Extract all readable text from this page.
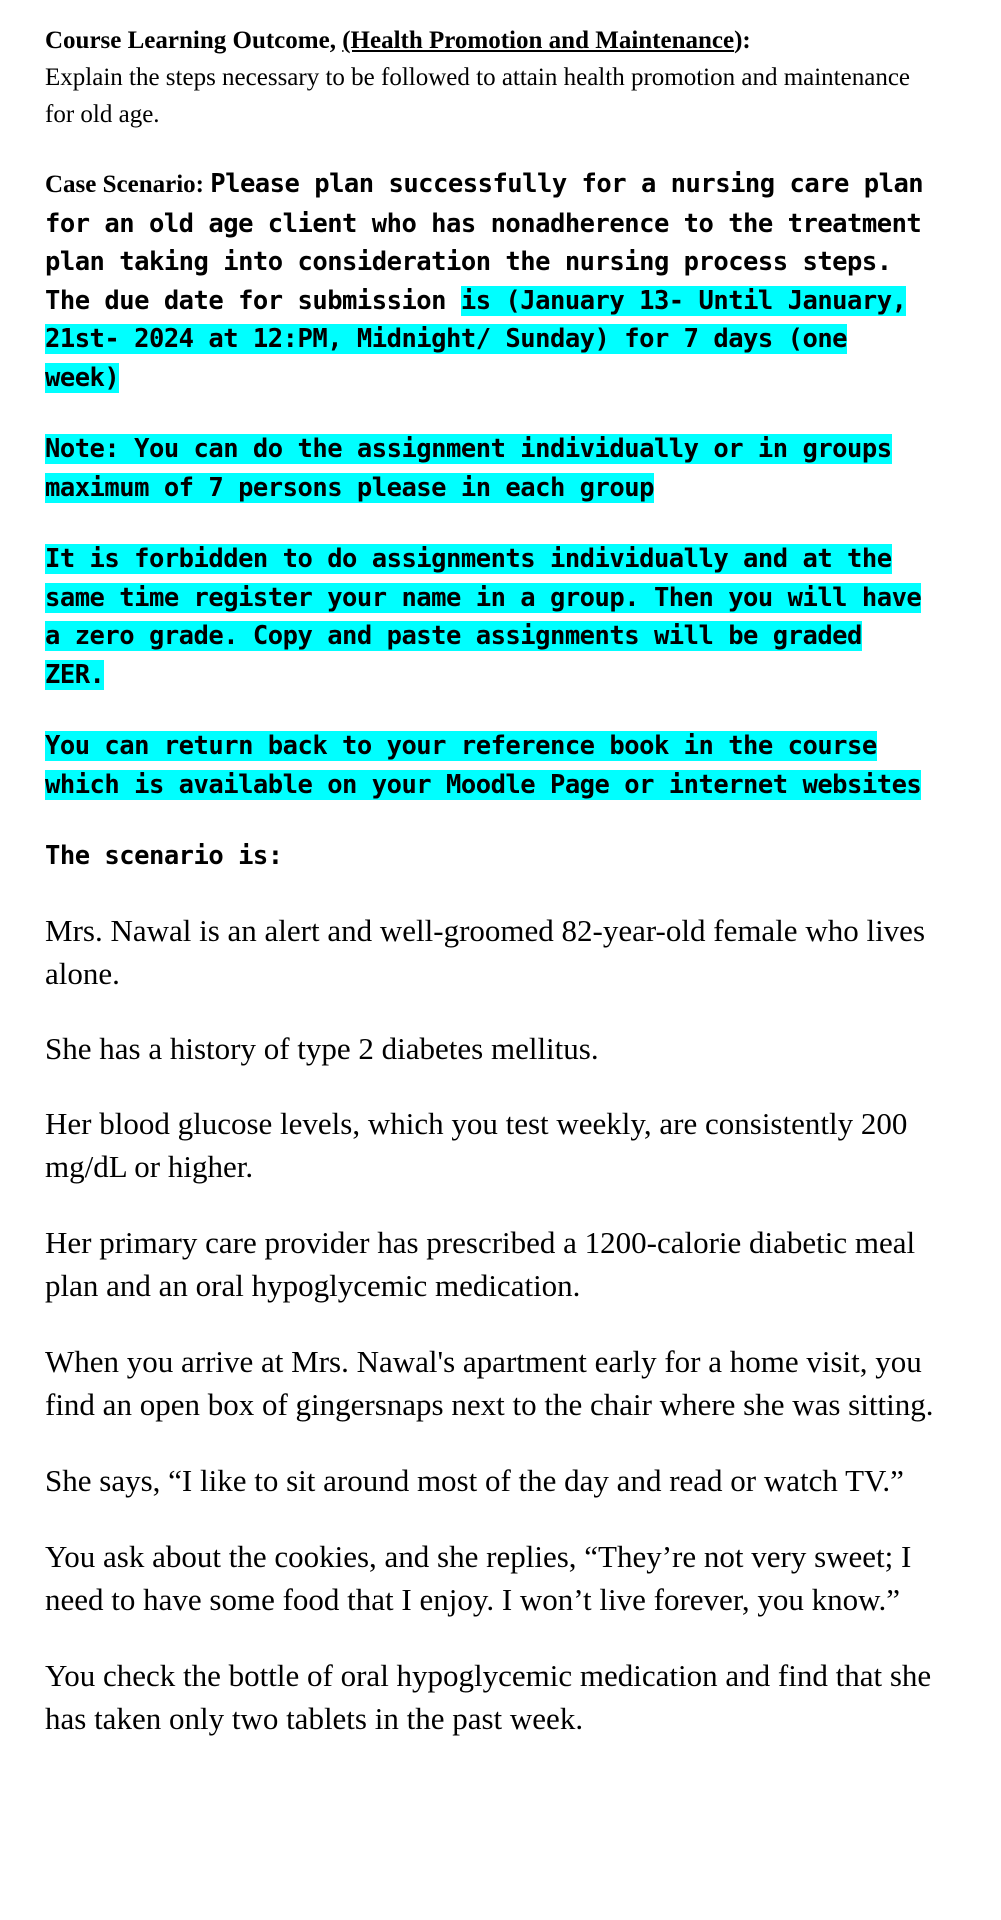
Course Learning Outcome, (Health Promotion and Maintenance):
Explain the steps necessary to be followed to attain health promotion and maintenance for old age.

Case Scenario: Please plan successfully for a nursing care plan for an old age client who has nonadherence to the treatment plan taking into consideration the nursing process steps. The due date for submission is (January 13- Until January, 21st- 2024 at 12:PM, Midnight/ Sunday) for 7 days (one week)

Note: You can do the assignment individually or in groups maximum of 7 persons please in each group

It is forbidden to do assignments individually and at the same time register your name in a group. Then you will have a zero grade. Copy and paste assignments will be graded ZER.

You can return back to your reference book in the course which is available on your Moodle Page or internet websites

The scenario is:

Mrs. Nawal is an alert and well-groomed 82-year-old female who lives alone.

She has a history of type 2 diabetes mellitus.

Her blood glucose levels, which you test weekly, are consistently 200 mg/dL or higher.

Her primary care provider has prescribed a 1200-calorie diabetic meal plan and an oral hypoglycemic medication.

When you arrive at Mrs. Nawal's apartment early for a home visit, you find an open box of gingersnaps next to the chair where she was sitting.

She says, “I like to sit around most of the day and read or watch TV.”

You ask about the cookies, and she replies, “They’re not very sweet; I need to have some food that I enjoy. I won’t live forever, you know.”

You check the bottle of oral hypoglycemic medication and find that she has taken only two tablets in the past week.
